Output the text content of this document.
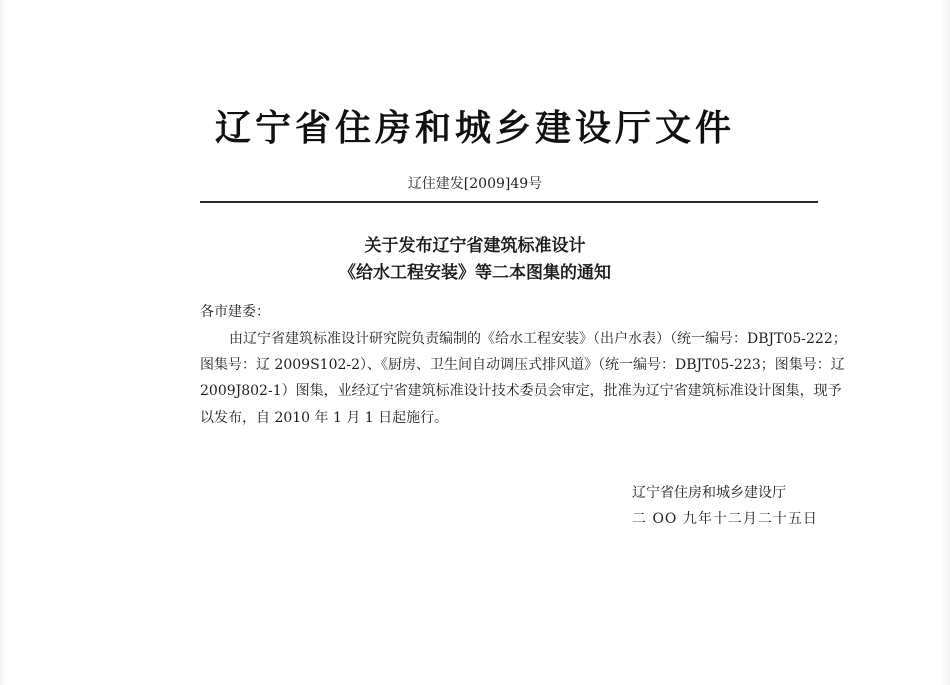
辽宁省住房和城乡建设厅文件
辽住建发[2009]49号
关于发布辽宁省建筑标准设计
《给水工程安装》等二本图集的通知
各市建委：
由辽宁省建筑标准设计研究院负责编制的《给水工程安装》（出户水表）（统一编号：DBJT05-222；
图集号：辽 2009S102-2）、《厨房、卫生间自动调压式排风道》（统一编号：DBJT05-223；图集号：辽
2009J802-1）图集，业经辽宁省建筑标准设计技术委员会审定，批准为辽宁省建筑标准设计图集，现予
以发布，自 2010 年 1 月 1 日起施行。
辽宁省住房和城乡建设厅
二 OO 九年十二月二十五日
